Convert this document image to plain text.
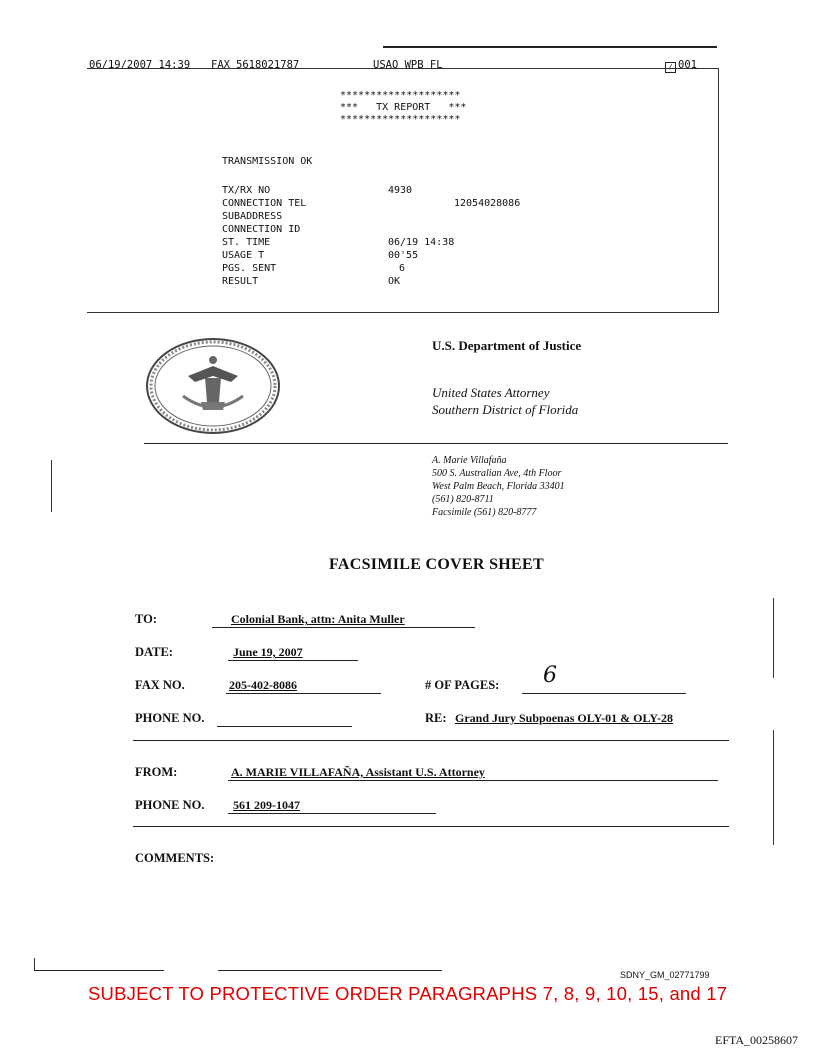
06/19/2007 14:39 FAX 5618021787	USAO WPB FL	∕ 001
********************
***   TX REPORT   ***
********************
TRANSMISSION OK
TX/RX NO	4930
CONNECTION TEL	12054028086
SUBADDRESS
CONNECTION ID
ST. TIME	06/19 14:38
USAGE T	00'55
PGS. SENT	6
RESULT	OK
U.S. Department of Justice
United States Attorney
Southern District of Florida
A. Marie Villafaña
500 S. Australian Ave, 4th Floor
West Palm Beach, Florida 33401
(561) 820-8711
Facsimile (561) 820-8777
FACSIMILE COVER SHEET
TO:	Colonial Bank, attn: Anita Muller
DATE:	June 19, 2007
FAX NO.	205-402-8086	# OF PAGES: 6
PHONE NO.	RE: Grand Jury Subpoenas OLY-01 & OLY-28
FROM:	A. MARIE VILLAFAÑA, Assistant U.S. Attorney
PHONE NO. 561 209-1047
COMMENTS:
SDNY_GM_02771799
SUBJECT TO PROTECTIVE ORDER PARAGRAPHS 7, 8, 9, 10, 15, and 17
EFTA_00258607
